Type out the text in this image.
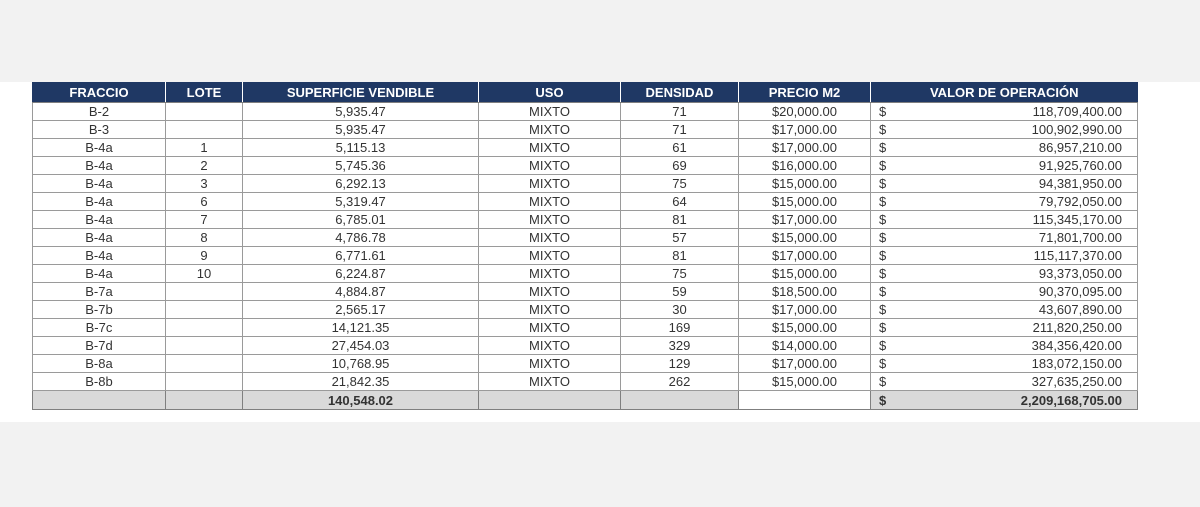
FRACCIO	LOTE	SUPERFICIE VENDIBLE	USO	DENSIDAD	PRECIO M2	VALOR DE OPERACIÓN
B-2		5,935.47	MIXTO	71	$20,000.00	$ 118,709,400.00

B-3		5,935.47	MIXTO	71	$17,000.00	$ 100,902,990.00

B-4a	1	5,115.13	MIXTO	61	$17,000.00	$ 86,957,210.00

B-4a	2	5,745.36	MIXTO	69	$16,000.00	$ 91,925,760.00

B-4a	3	6,292.13	MIXTO	75	$15,000.00	$ 94,381,950.00

B-4a	6	5,319.47	MIXTO	64	$15,000.00	$ 79,792,050.00

B-4a	7	6,785.01	MIXTO	81	$17,000.00	$ 115,345,170.00

B-4a	8	4,786.78	MIXTO	57	$15,000.00	$ 71,801,700.00

B-4a	9	6,771.61	MIXTO	81	$17,000.00	$ 115,117,370.00

B-4a	10	6,224.87	MIXTO	75	$15,000.00	$ 93,373,050.00

B-7a		4,884.87	MIXTO	59	$18,500.00	$ 90,370,095.00

B-7b		2,565.17	MIXTO	30	$17,000.00	$ 43,607,890.00

B-7c		14,121.35	MIXTO	169	$15,000.00	$ 211,820,250.00

B-7d		27,454.03	MIXTO	329	$14,000.00	$ 384,356,420.00

B-8a		10,768.95	MIXTO	129	$17,000.00	$ 183,072,150.00

B-8b		21,842.35	MIXTO	262	$15,000.00	$ 327,635,250.00

		140,548.02				$ 2,209,168,705.00
